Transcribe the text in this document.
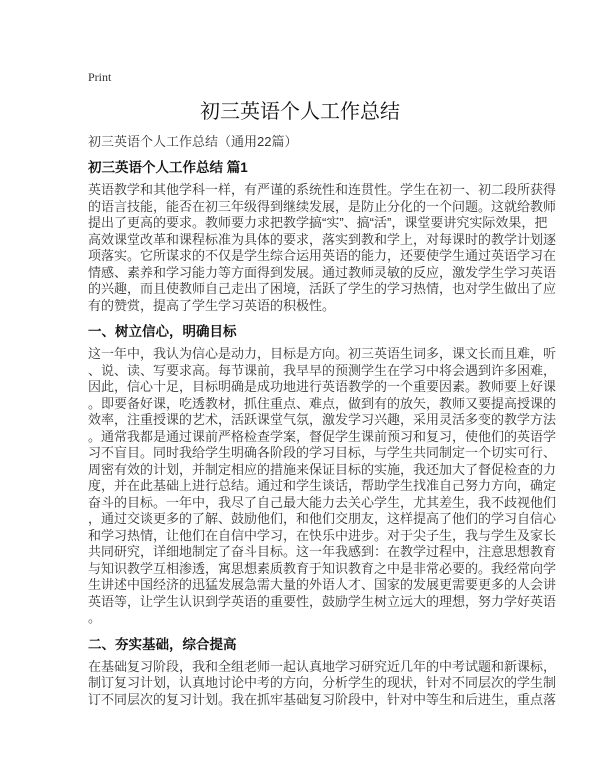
Print
初三英语个人工作总结
初三英语个人工作总结（通用22篇）
初三英语个人工作总结 篇1
英语教学和其他学科一样，有严谨的系统性和连贯性。学生在初一、初二段所获得
的语言技能，能否在初三年级得到继续发展，是防止分化的一个问题。这就给教师
提出了更高的要求。教师要力求把教学搞“实”、搞“活”，课堂要讲究实际效果，把
高效课堂改革和课程标准为具体的要求，落实到教和学上，对每课时的教学计划逐
项落实。它所谋求的不仅是学生综合运用英语的能力，还要使学生通过英语学习在
情感、素养和学习能力等方面得到发展。通过教师灵敏的反应，激发学生学习英语
的兴趣，而且使教师自己走出了困境，活跃了学生的学习热情，也对学生做出了应
有的赞赏，提高了学生学习英语的积极性。
一、树立信心，明确目标
这一年中，我认为信心是动力，目标是方向。初三英语生词多，课文长而且难，听
、说、读、写要求高。每节课前，我早早的预测学生在学习中将会遇到许多困难，
因此，信心十足，目标明确是成功地进行英语教学的一个重要因素。教师要上好课
。即要备好课，吃透教材，抓住重点、难点，做到有的放矢，教师又要提高授课的
效率，注重授课的艺术，活跃课堂气氛，激发学习兴趣，采用灵活多变的教学方法
。通常我都是通过课前严格检查学案，督促学生课前预习和复习，使他们的英语学
习不盲目。同时我给学生明确各阶段的学习目标，与学生共同制定一个切实可行、
周密有效的计划，并制定相应的措施来保证目标的实施，我还加大了督促检查的力
度，并在此基础上进行总结。通过和学生谈话，帮助学生找准自己努力方向，确定
奋斗的目标。一年中，我尽了自己最大能力去关心学生，尤其差生，我不歧视他们
，通过交谈更多的了解、鼓励他们，和他们交朋友，这样提高了他们的学习自信心
和学习热情，让他们在自信中学习，在快乐中进步。对于尖子生，我与学生及家长
共同研究，详细地制定了奋斗目标。这一年我感到：在教学过程中，注意思想教育
与知识教学互相渗透，寓思想素质教育于知识教育之中是非常必要的。我经常向学
生讲述中国经济的迅猛发展急需大量的外语人才、国家的发展更需要更多的人会讲
英语等，让学生认识到学英语的重要性，鼓励学生树立远大的理想，努力学好英语
。
二、夯实基础，综合提高
在基础复习阶段，我和全组老师一起认真地学习研究近几年的中考试题和新课标，
制订复习计划，认真地讨论中考的方向，分析学生的现状，针对不同层次的学生制
订不同层次的复习计划。我在抓牢基础复习阶段中，针对中等生和后进生，重点落
